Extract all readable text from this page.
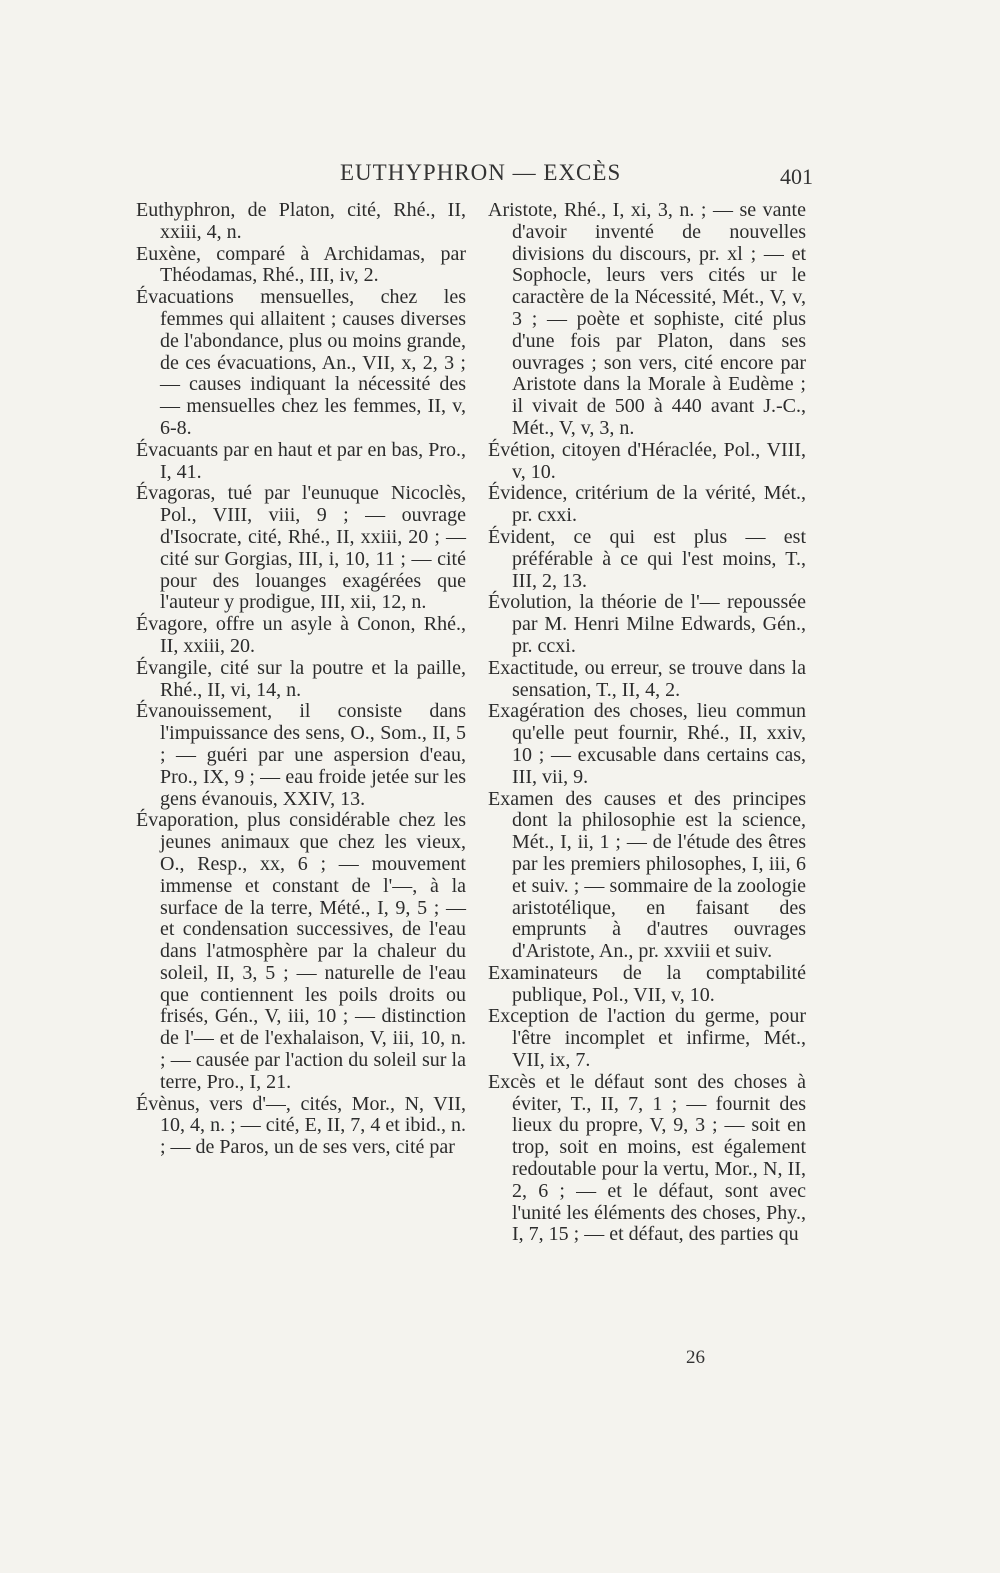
EUTHYPHRON — EXCÈS	401

Euthyphron, de Platon, cité, Rhé., II, xxiii, 4, n.

Euxène, comparé à Archidamas, par Théodamas, Rhé., III, iv, 2.

Évacuations mensuelles, chez les femmes qui allaitent ; causes diverses de l'abondance, plus ou moins grande, de ces évacuations, An., VII, x, 2, 3 ; — causes indiquant la nécessité des — mensuelles chez les femmes, II, v, 6-8.

Évacuants par en haut et par en bas, Pro., I, 41.

Évagoras, tué par l'eunuque Nicoclès, Pol., VIII, viii, 9 ; — ouvrage d'Isocrate, cité, Rhé., II, xxiii, 20 ; — cité sur Gorgias, III, i, 10, 11 ; — cité pour des louanges exagérées que l'auteur y prodigue, III, xii, 12, n.

Évagore, offre un asyle à Conon, Rhé., II, xxiii, 20.

Évangile, cité sur la poutre et la paille, Rhé., II, vi, 14, n.

Évanouissement, il consiste dans l'impuissance des sens, O., Som., II, 5 ; — guéri par une aspersion d'eau, Pro., IX, 9 ; — eau froide jetée sur les gens évanouis, XXIV, 13.

Évaporation, plus considérable chez les jeunes animaux que chez les vieux, O., Resp., xx, 6 ; — mouvement immense et constant de l'—, à la surface de la terre, Mété., I, 9, 5 ; — et condensation successives, de l'eau dans l'atmosphère par la chaleur du soleil, II, 3, 5 ; — naturelle de l'eau que contiennent les poils droits ou frisés, Gén., V, iii, 10 ; — distinction de l'— et de l'exhalaison, V, iii, 10, n. ; — causée par l'action du soleil sur la terre, Pro., I, 21.

Évènus, vers d'—, cités, Mor., N, VII, 10, 4, n. ; — cité, E, II, 7, 4 et ibid., n. ; — de Paros, un de ses vers, cité par

Aristote, Rhé., I, xi, 3, n. ; — se vante d'avoir inventé de nouvelles divisions du discours, pr. xl ; — et Sophocle, leurs vers cités ur le caractère de la Nécessité, Mét., V, v, 3 ; — poète et sophiste, cité plus d'une fois par Platon, dans ses ouvrages ; son vers, cité encore par Aristote dans la Morale à Eudème ; il vivait de 500 à 440 avant J.-C., Mét., V, v, 3, n.

Évétion, citoyen d'Héraclée, Pol., VIII, v, 10.

Évidence, critérium de la vérité, Mét., pr. cxxi.

Évident, ce qui est plus — est préférable à ce qui l'est moins, T., III, 2, 13.

Évolution, la théorie de l'— repoussée par M. Henri Milne Edwards, Gén., pr. ccxi.

Exactitude, ou erreur, se trouve dans la sensation, T., II, 4, 2.

Exagération des choses, lieu commun qu'elle peut fournir, Rhé., II, xxiv, 10 ; — excusable dans certains cas, III, vii, 9.

Examen des causes et des principes dont la philosophie est la science, Mét., I, ii, 1 ; — de l'étude des êtres par les premiers philosophes, I, iii, 6 et suiv. ; — sommaire de la zoologie aristotélique, en faisant des emprunts à d'autres ouvrages d'Aristote, An., pr. xxviii et suiv.

Examinateurs de la comptabilité publique, Pol., VII, v, 10.

Exception de l'action du germe, pour l'être incomplet et infirme, Mét., VII, ix, 7.

Excès et le défaut sont des choses à éviter, T., II, 7, 1 ; — fournit des lieux du propre, V, 9, 3 ; — soit en trop, soit en moins, est également redoutable pour la vertu, Mor., N, II, 2, 6 ; — et le défaut, sont avec l'unité les éléments des choses, Phy., I, 7, 15 ; — et défaut, des parties qu

26
